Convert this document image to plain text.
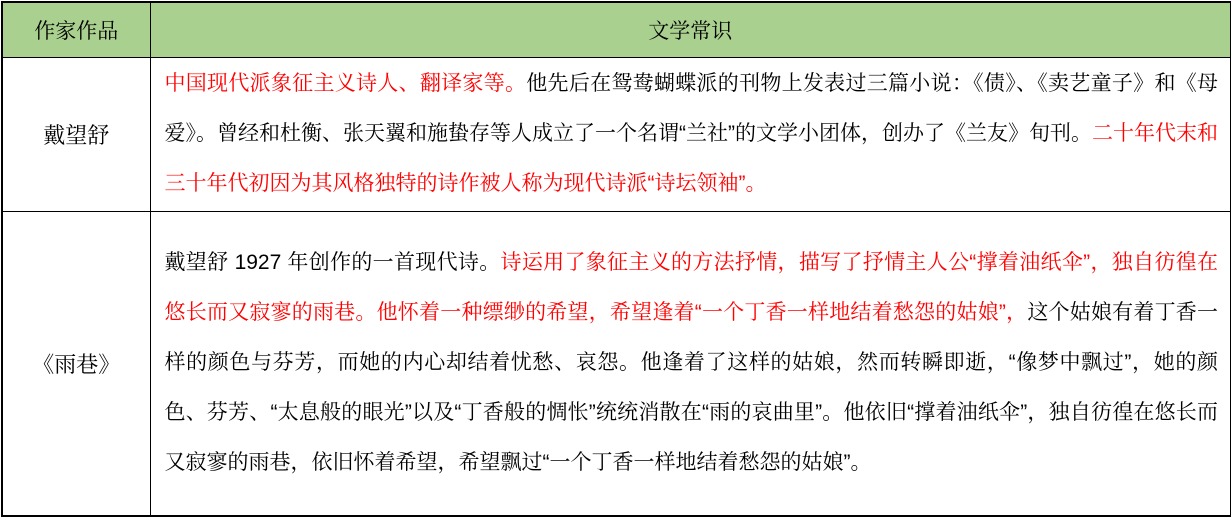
作家作品	文学常识
戴望舒	中国现代派象征主义诗人、翻译家等。他先后在鸳鸯蝴蝶派的刊物上发表过三篇小说：《债》、《卖艺童子》和《母爱》。曾经和杜衡、张天翼和施蛰存等人成立了一个名谓“兰社”的文学小团体，创办了《兰友》旬刊。二十年代末和三十年代初因为其风格独特的诗作被人称为现代诗派“诗坛领袖”。
《雨巷》	戴望舒 1927 年创作的一首现代诗。诗运用了象征主义的方法抒情，描写了抒情主人公“撑着油纸伞”，独自彷徨在悠长而又寂寥的雨巷。他怀着一种缥缈的希望，希望逢着“一个丁香一样地结着愁怨的姑娘”，这个姑娘有着丁香一样的颜色与芬芳，而她的内心却结着忧愁、哀怨。他逢着了这样的姑娘，然而转瞬即逝，“像梦中飘过”，她的颜色、芬芳、“太息般的眼光”以及“丁香般的惆怅”统统消散在“雨的哀曲里”。他依旧“撑着油纸伞”，独自彷徨在悠长而又寂寥的雨巷，依旧怀着希望，希望飘过“一个丁香一样地结着愁怨的姑娘”。
